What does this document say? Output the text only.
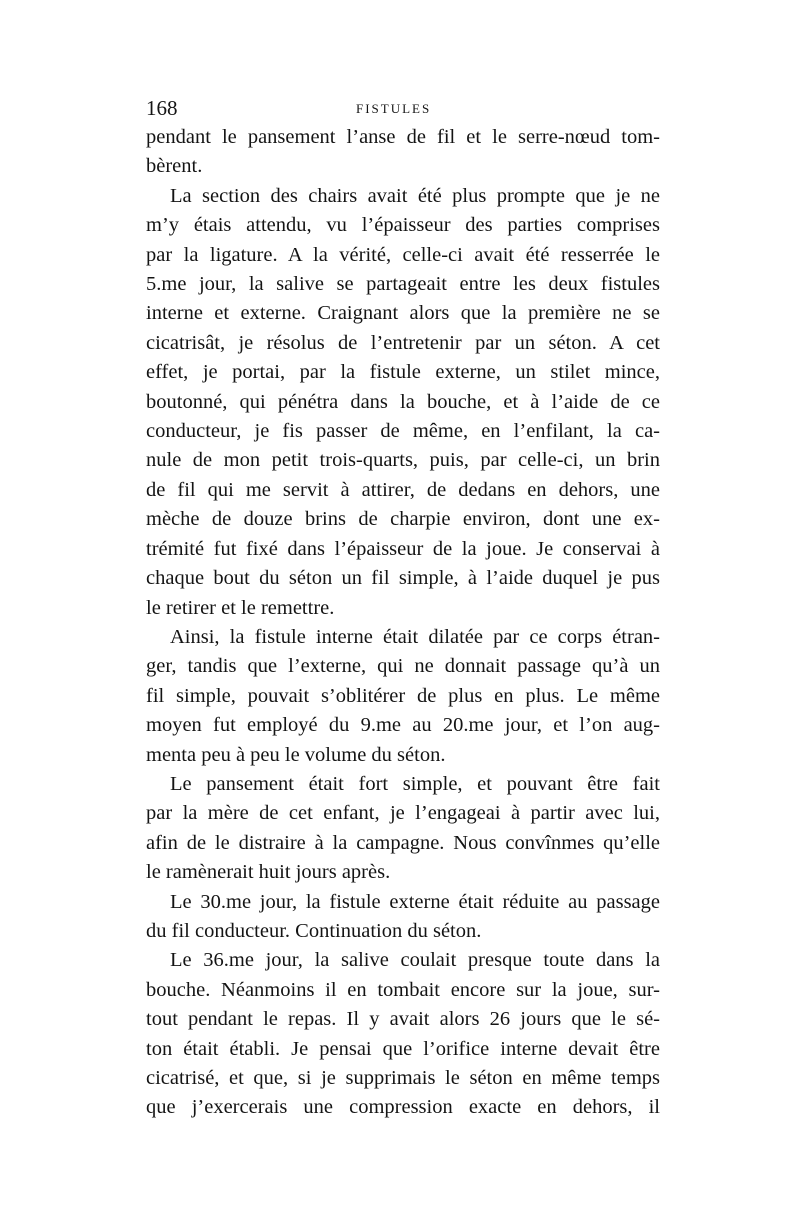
168	FISTULES
pendant le pansement l’anse de fil et le serre-nœud tom-
bèrent.
La section des chairs avait été plus prompte que je ne
m’y étais attendu, vu l’épaisseur des parties comprises
par la ligature. A la vérité, celle-ci avait été resserrée le
5.me jour, la salive se partageait entre les deux fistules
interne et externe. Craignant alors que la première ne se
cicatrisât, je résolus de l’entretenir par un séton. A cet
effet, je portai, par la fistule externe, un stilet mince,
boutonné, qui pénétra dans la bouche, et à l’aide de ce
conducteur, je fis passer de même, en l’enfilant, la ca-
nule de mon petit trois-quarts, puis, par celle-ci, un brin
de fil qui me servit à attirer, de dedans en dehors, une
mèche de douze brins de charpie environ, dont une ex-
trémité fut fixé dans l’épaisseur de la joue. Je conservai à
chaque bout du séton un fil simple, à l’aide duquel je pus
le retirer et le remettre.
Ainsi, la fistule interne était dilatée par ce corps étran-
ger, tandis que l’externe, qui ne donnait passage qu’à un
fil simple, pouvait s’oblitérer de plus en plus. Le même
moyen fut employé du 9.me au 20.me jour, et l’on aug-
menta peu à peu le volume du séton.
Le pansement était fort simple, et pouvant être fait
par la mère de cet enfant, je l’engageai à partir avec lui,
afin de le distraire à la campagne. Nous convînmes qu’elle
le ramènerait huit jours après.
Le 30.me jour, la fistule externe était réduite au passage
du fil conducteur. Continuation du séton.
Le 36.me jour, la salive coulait presque toute dans la
bouche. Néanmoins il en tombait encore sur la joue, sur-
tout pendant le repas. Il y avait alors 26 jours que le sé-
ton était établi. Je pensai que l’orifice interne devait être
cicatrisé, et que, si je supprimais le séton en même temps
que j’exercerais une compression exacte en dehors, il
